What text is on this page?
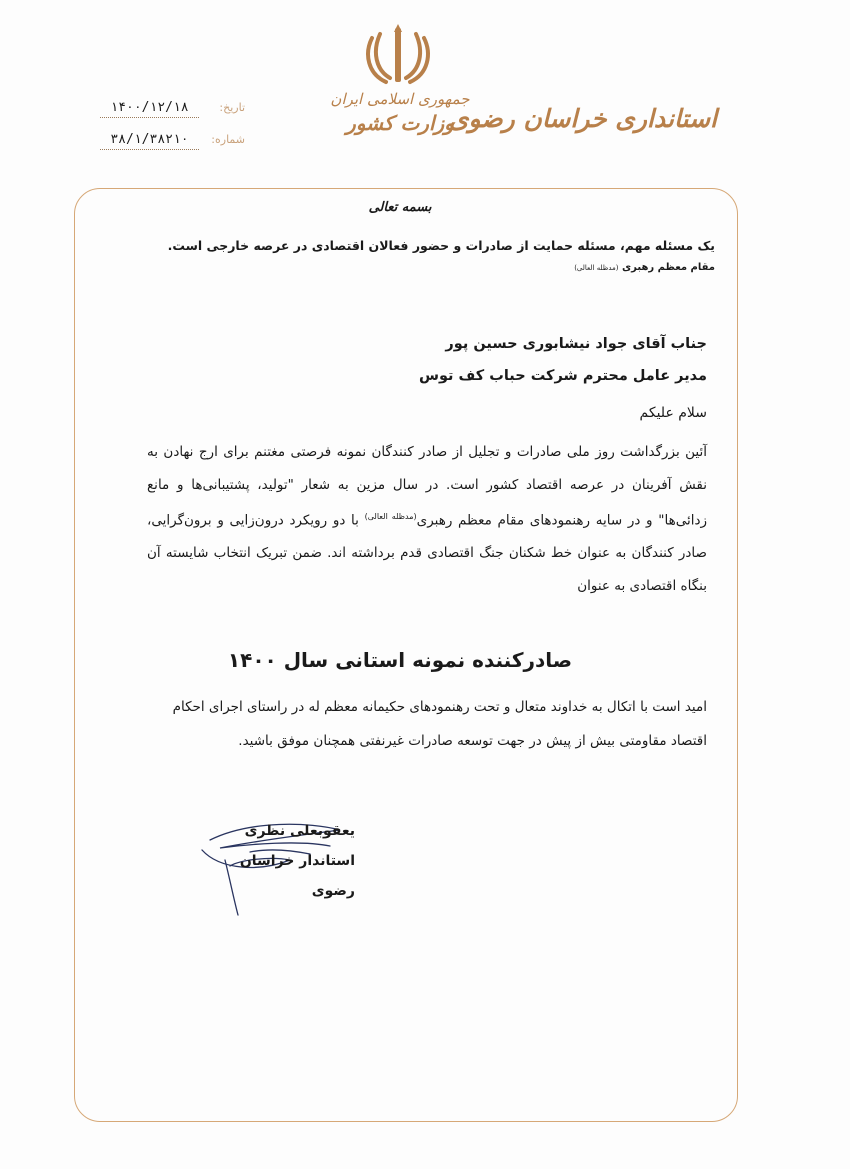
جمهوری اسلامی ایران
وزارت کشور
استانداری خراسان رضوی
تاریخ:
۱۴۰۰/۱۲/۱۸
شماره:
۳۸/۱/۳۸۲۱۰
بسمه تعالی
یک مسئله مهم، مسئله حمایت از صادرات و حضور فعالان اقتصادی در عرصه خارجی است.
مقام معظم رهبری (مدظله العالی)
جناب آقای جواد نیشابوری حسین پور
مدیر عامل محترم شرکت حباب کف توس
سلام علیکم
آئین بزرگداشت روز ملی صادرات و تجلیل از صادر کنندگان نمونه فرصتی مغتنم برای ارج نهادن به نقش آفرینان در عرصه اقتصاد کشور است. در سال مزین به شعار "تولید، پشتیبانی‌ها و مانع زدائی‌ها" و در سایه رهنمودهای مقام معظم رهبری$^{(مدظله العالی)}$ با دو رویکرد درون‌زایی و برون‌گرایی، صادر کنندگان به عنوان خط شکنان جنگ اقتصادی قدم برداشته اند. ضمن تبریک انتخاب شایسته آن بنگاه اقتصادی به عنوان
صادرکننده نمونه استانی سال ۱۴۰۰
امید است با اتکال به خداوند متعال و تحت رهنمودهای حکیمانه معظم له در راستای اجرای احکام اقتصاد مقاومتی بیش از پیش در جهت توسعه صادرات غیرنفتی همچنان موفق باشید.
یعقوبعلی نظری
استاندار خراسان رضوی
